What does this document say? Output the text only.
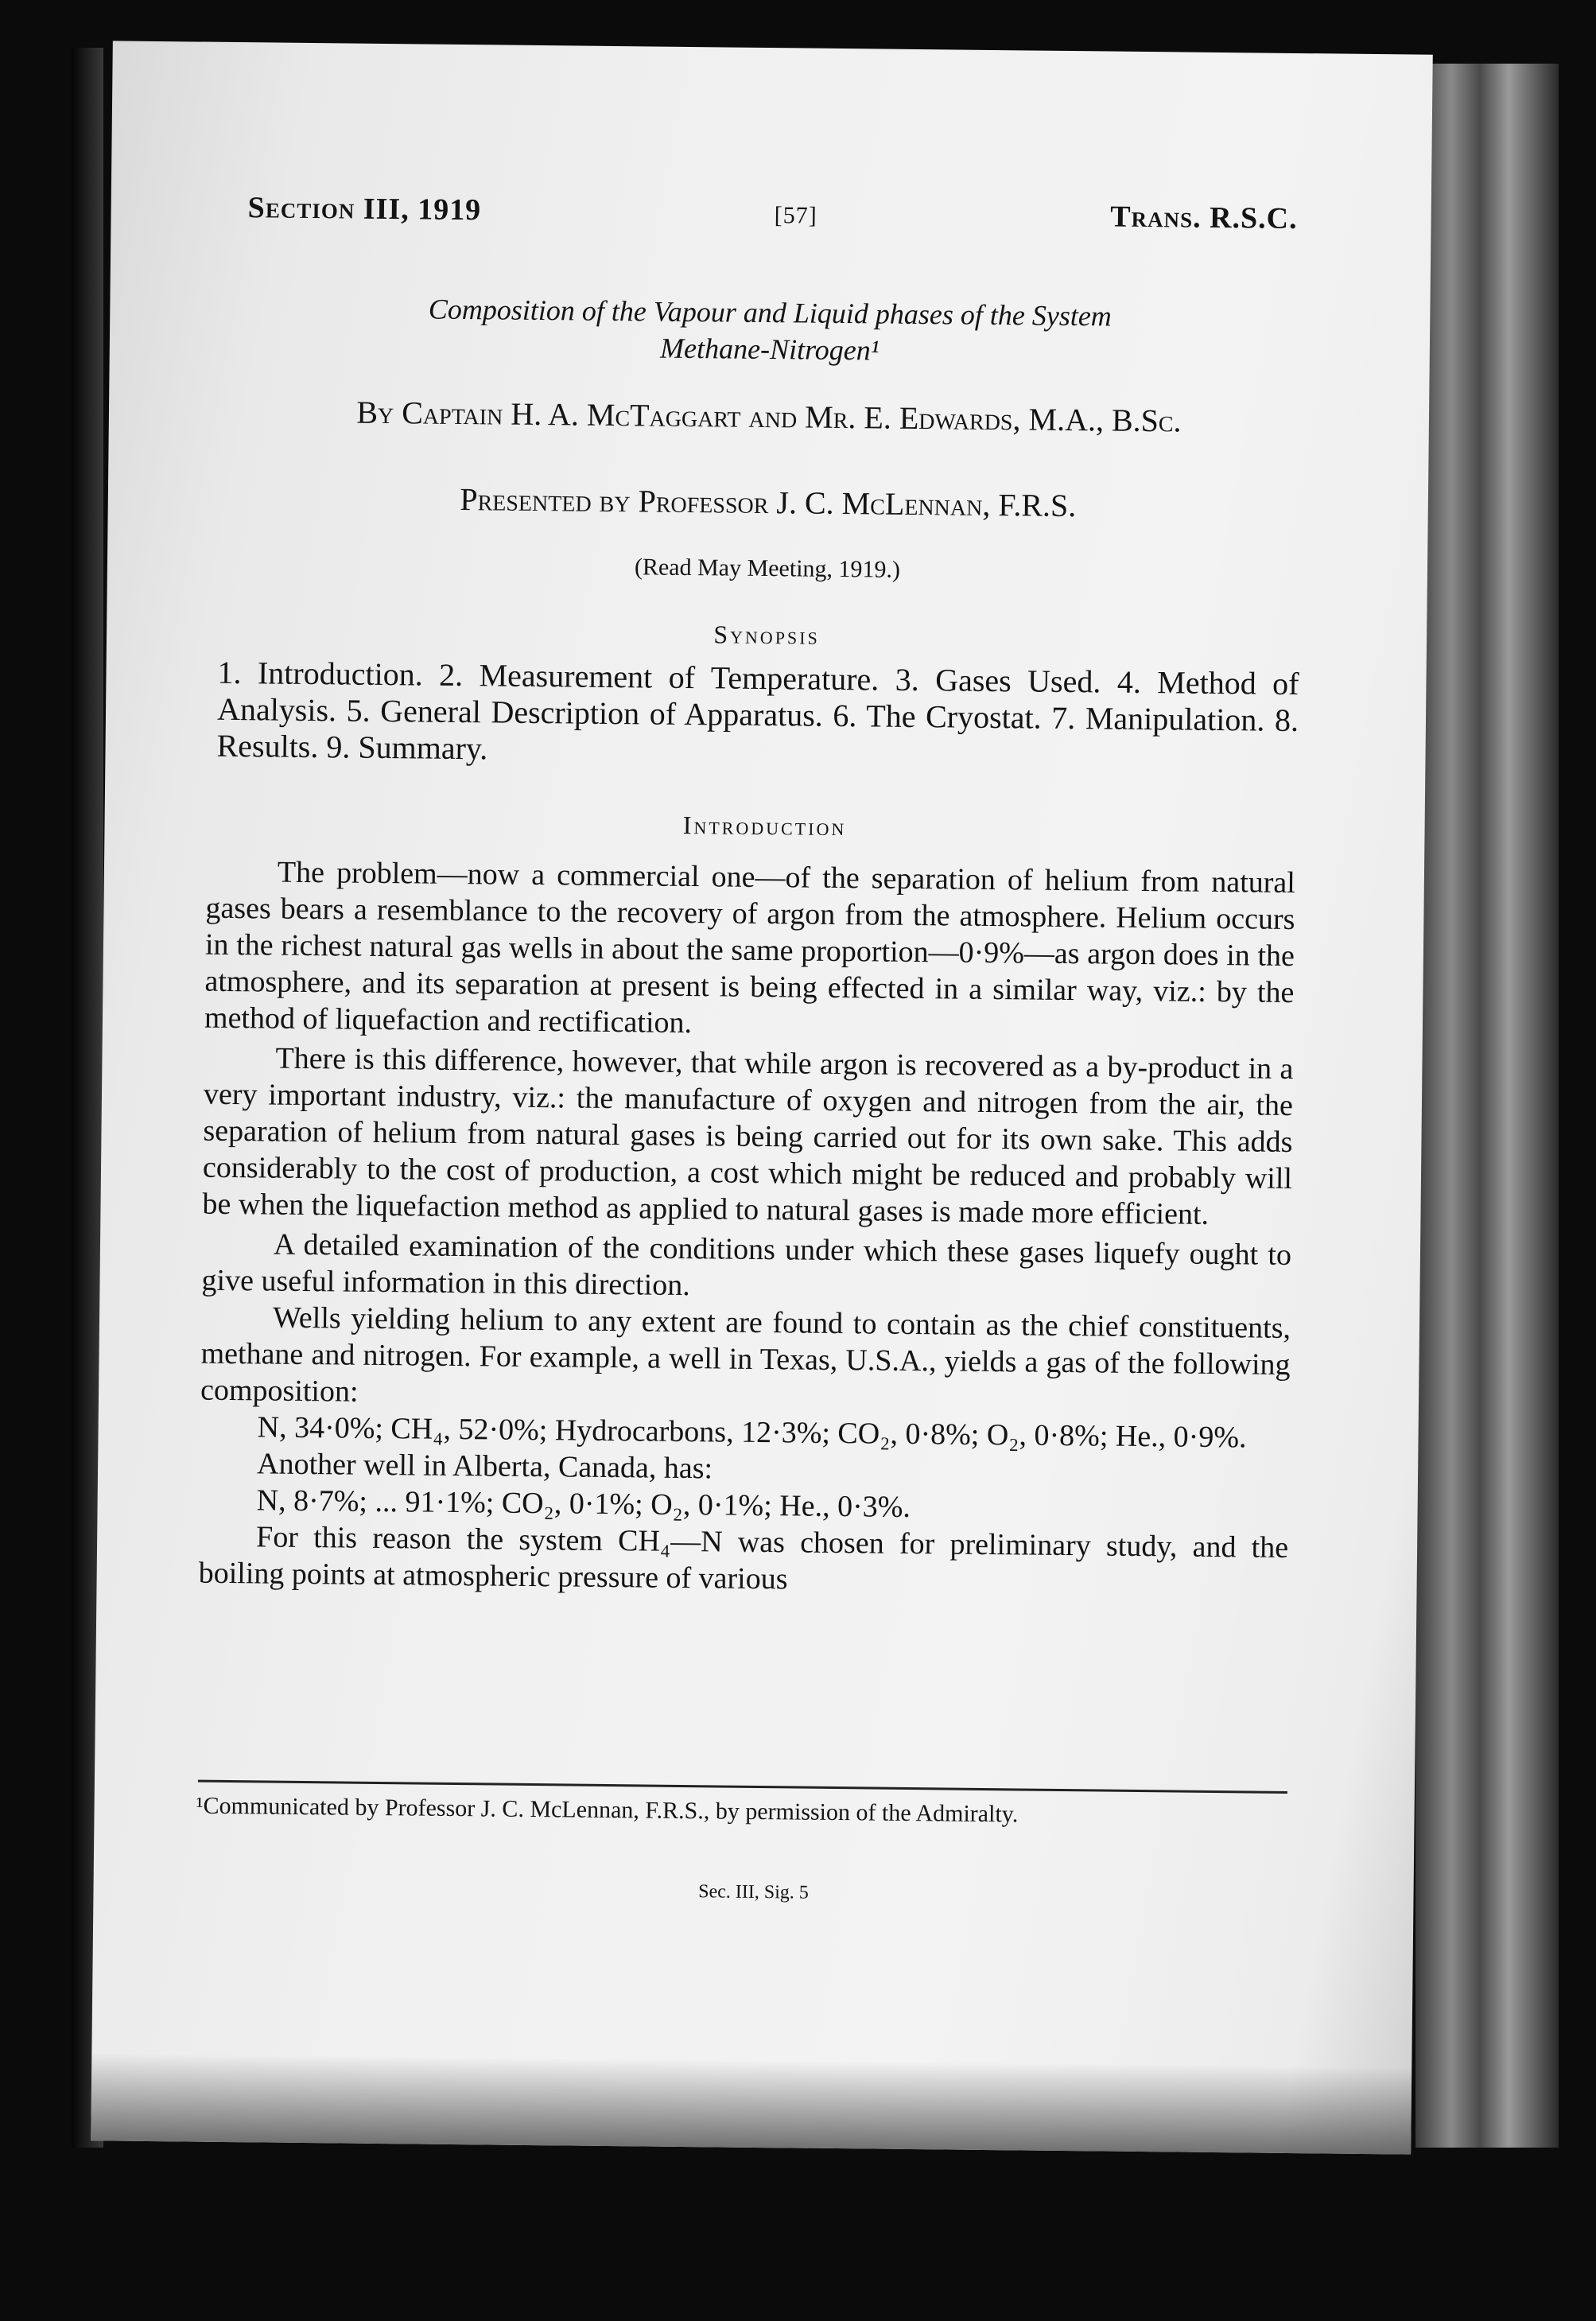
Section III, 1919	[57]	Trans. R.S.C.
Composition of the Vapour and Liquid phases of the System
Methane-Nitrogen¹
By Captain H. A. McTaggart and Mr. E. Edwards, M.A., B.Sc.
Presented by Professor J. C. McLennan, F.R.S.
(Read May Meeting, 1919.)
Synopsis
1. Introduction. 2. Measurement of Temperature. 3. Gases Used. 4. Method of Analysis. 5. General Description of Apparatus. 6. The Cryostat. 7. Manipulation. 8. Results. 9. Summary.
Introduction

The problem—now a commercial one—of the separation of helium from natural gases bears a resemblance to the recovery of argon from the atmosphere. Helium occurs in the richest natural gas wells in about the same proportion—0·9%—as argon does in the atmosphere, and its separation at present is being effected in a similar way, viz.: by the method of liquefaction and rectification.

There is this difference, however, that while argon is recovered as a by-product in a very important industry, viz.: the manufacture of oxygen and nitrogen from the air, the separation of helium from natural gases is being carried out for its own sake. This adds considerably to the cost of production, a cost which might be reduced and probably will be when the liquefaction method as applied to natural gases is made more efficient.

A detailed examination of the conditions under which these gases liquefy ought to give useful information in this direction.

Wells yielding helium to any extent are found to contain as the chief constituents, methane and nitrogen. For example, a well in Texas, U.S.A., yields a gas of the following composition:

N, 34·0%; CH₄, 52·0%; Hydrocarbons, 12·3%; CO₂, 0·8%; O₂, 0·8%; He., 0·9%.

Another well in Alberta, Canada, has:

N, 8·7%; ... 91·1%; CO₂, 0·1%; O₂, 0·1%; He., 0·3%.

For this reason the system CH₄—N was chosen for preliminary study, and the boiling points at atmospheric pressure of various

¹Communicated by Professor J. C. McLennan, F.R.S., by permission of the Admiralty.
Sec. III, Sig. 5
